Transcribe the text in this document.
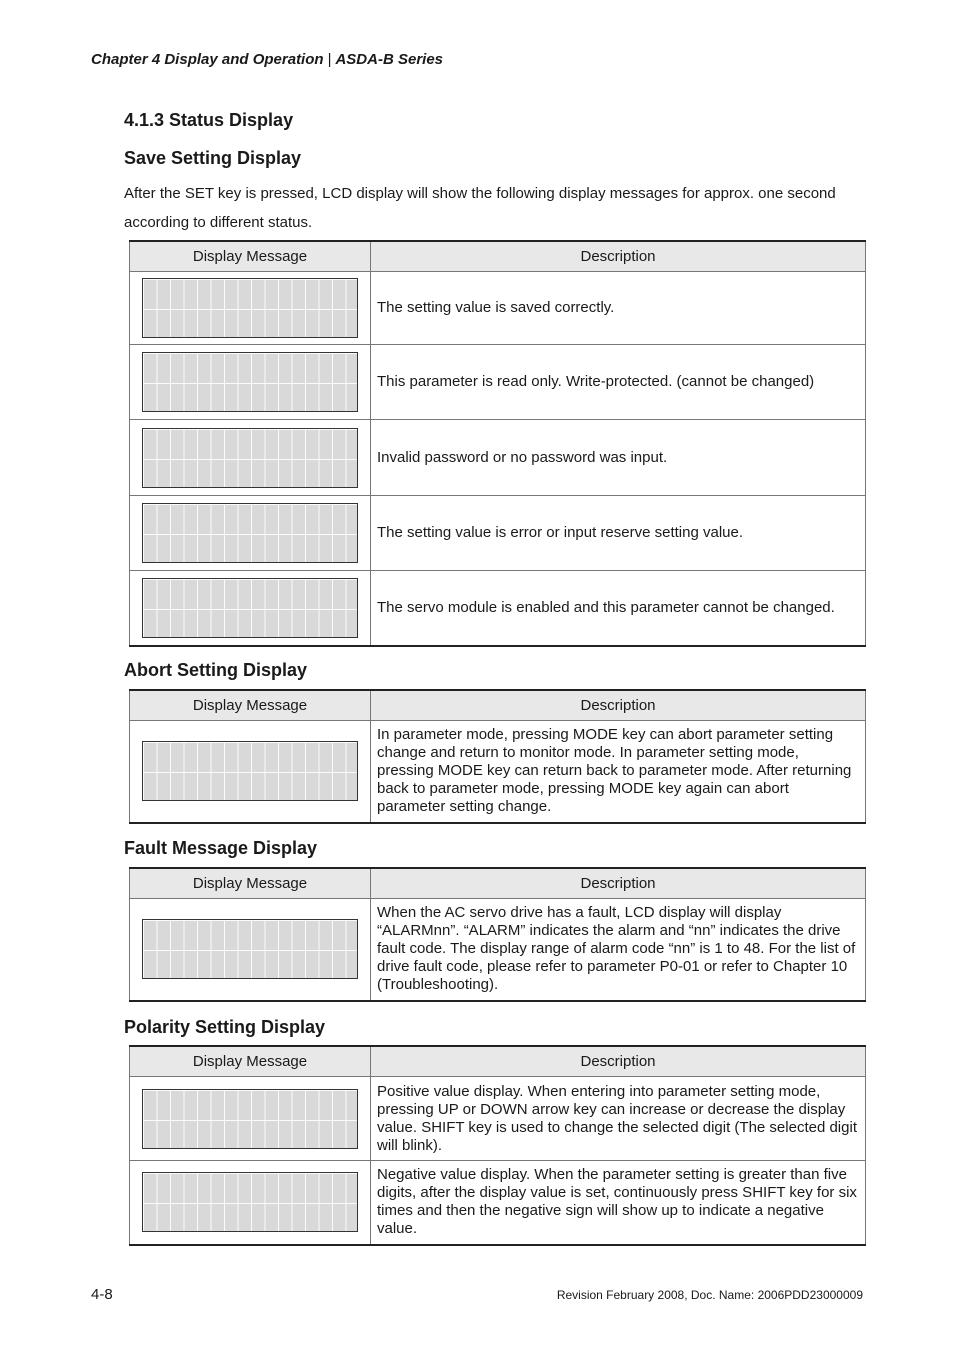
Chapter 4 Display and Operation | ASDA-B Series
4.1.3 Status Display
Save Setting Display
After the SET key is pressed, LCD display will show the following display messages for approx. one second according to different status.
Display Message	Description

	The setting value is saved correctly.

	This parameter is read only. Write-protected. (cannot be changed)

	Invalid password or no password was input.

	The setting value is error or input reserve setting value.

	The servo module is enabled and this parameter cannot be changed.
Abort Setting Display
Display Message	Description

	In parameter mode, pressing MODE key can abort parameter setting change and return to monitor mode. In parameter setting mode, pressing MODE key can return back to parameter mode. After returning back to parameter mode, pressing MODE key again can abort parameter setting change.
Fault Message Display
Display Message	Description

	When the AC servo drive has a fault, LCD display will display “ALARMnn”. “ALARM” indicates the alarm and “nn” indicates the drive fault code. The display range of alarm code “nn” is 1 to 48. For the list of drive fault code, please refer to parameter P0-01 or refer to Chapter 10 (Troubleshooting).
Polarity Setting Display
Display Message	Description

	Positive value display. When entering into parameter setting mode, pressing UP or DOWN arrow key can increase or decrease the display value. SHIFT key is used to change the selected digit (The selected digit will blink).

	Negative value display. When the parameter setting is greater than five digits, after the display value is set, continuously press SHIFT key for six times and then the negative sign will show up to indicate a negative value.
4-8	Revision February 2008, Doc. Name: 2006PDD23000009
